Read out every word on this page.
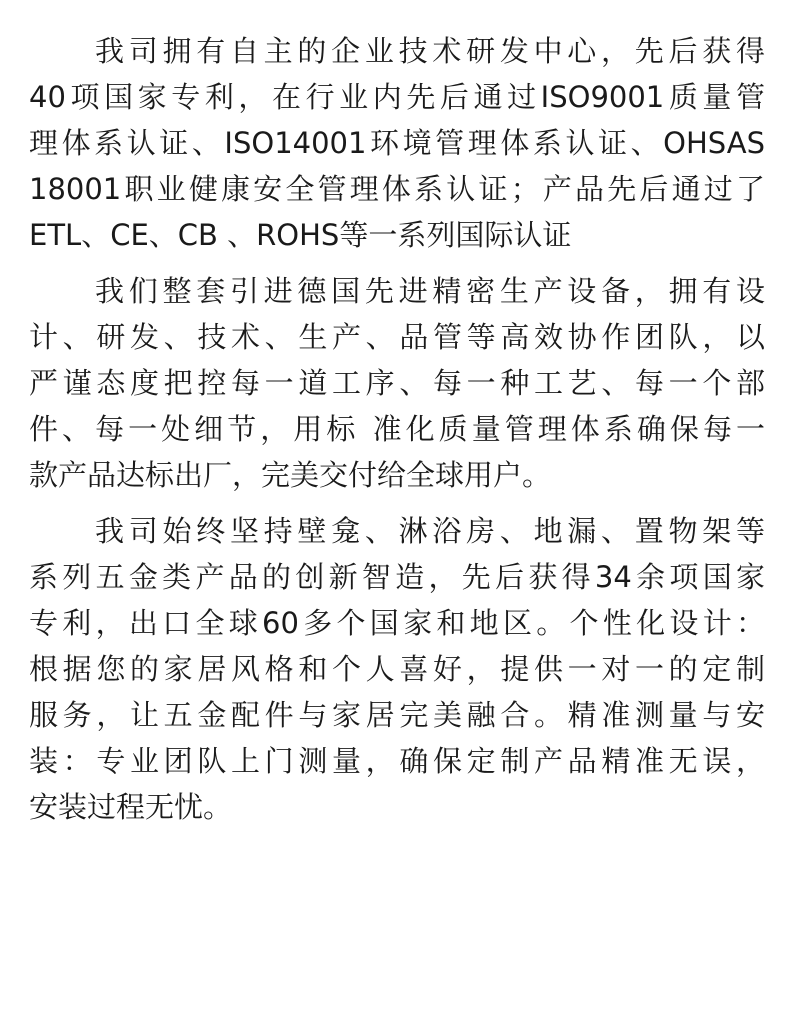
我司拥有自主的企业技术研发中心，先后获得
40项国家专利，在行业内先后通过ISO9001质量管
理体系认证、ISO14001环境管理体系认证、OHSAS
18001职业健康安全管理体系认证；产品先后通过了
ETL、CE、CB 、ROHS等一系列国际认证
我们整套引进德国先进精密生产设备，拥有设
计、研发、技术、生产、品管等高效协作团队，以
严谨态度把控每一道工序、每一种工艺、每一个部
件、每一处细节，用标 准化质量管理体系确保每一
款产品达标出厂，完美交付给全球用户。
我司始终坚持壁龛、淋浴房、地漏、置物架等
系列五金类产品的创新智造，先后获得34余项国家
专利，出口全球60多个国家和地区。个性化设计：
根据您的家居风格和个人喜好，提供一对一的定制
服务，让五金配件与家居完美融合。精准测量与安
装：专业团队上门测量，确保定制产品精准无误，
安装过程无忧。
